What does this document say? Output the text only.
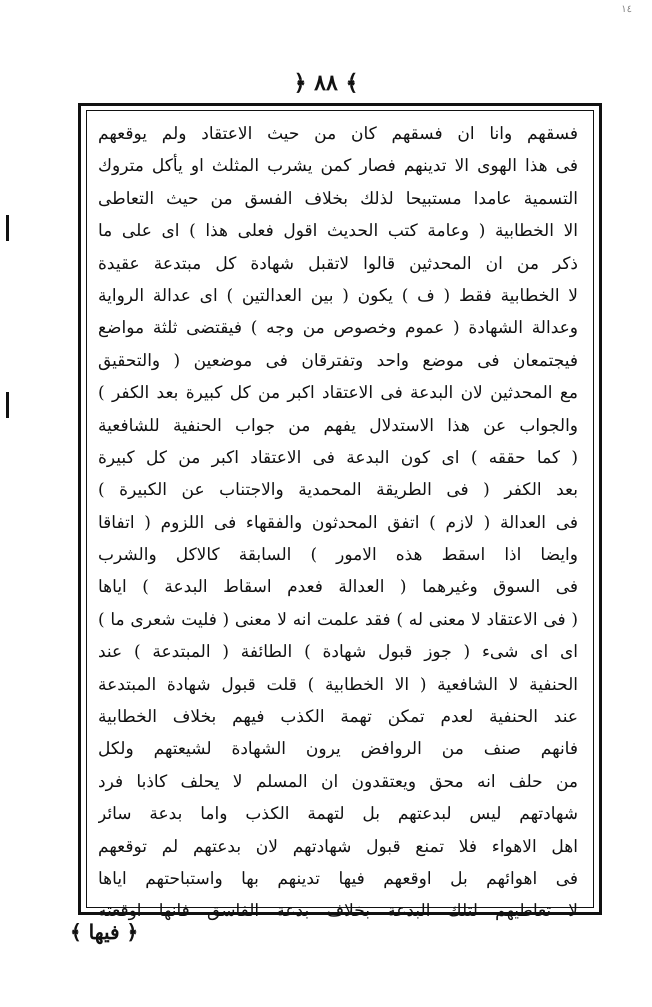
١٤
﴿ ٨٨ ﴾
فسقهم وانا ان فسقهم كان من حيث الاعتقاد ولم يوقعهم
فى هذا الهوى الا تدينهم فصار كمن يشرب المثلث او يأكل متروك
التسمية عامدا مستبيحا لذلك بخلاف الفسق من حيث التعاطى
الا الخطابية ( وعامة كتب الحديث اقول فعلى هذا ) اى على ما
ذكر من ان المحدثين قالوا لاتقبل شهادة كل مبتدعة عقيدة
لا الخطابية فقط ( ف ) يكون ( بين العدالتين ) اى عدالة الرواية
وعدالة الشهادة ( عموم وخصوص من وجه ) فيقتضى ثلثة مواضع
فيجتمعان فى موضع واحد وتفترقان فى موضعين ( والتحقيق
مع المحدثين لان البدعة فى الاعتقاد اكبر من كل كبيرة بعد الكفر )
والجواب عن هذا الاستدلال يفهم من جواب الحنفية للشافعية
( كما حققه ) اى كون البدعة فى الاعتقاد اكبر من كل كبيرة
بعد الكفر ( فى الطريقة المحمدية والاجتناب عن الكبيرة )
فى العدالة ( لازم ) اتفق المحدثون والفقهاء فى اللزوم ( اتفاقا
وايضا اذا اسقط هذه الامور ) السابقة كالاكل والشرب
فى السوق وغيرهما ( العدالة فعدم اسقاط البدعة ) اياها
( فى الاعتقاد لا معنى له ) فقد علمت انه لا معنى ( فليت شعرى ما )
اى اى شىء ( جوز قبول شهادة ) الطائفة ( المبتدعة ) عند
الحنفية لا الشافعية ( الا الخطابية ) قلت قبول شهادة المبتدعة
عند الحنفية لعدم تمكن تهمة الكذب فيهم بخلاف الخطابية
فانهم صنف من الروافض يرون الشهادة لشيعتهم ولكل
من حلف انه محق ويعتقدون ان المسلم لا يحلف كاذبا فرد
شهادتهم ليس لبدعتهم بل لتهمة الكذب واما بدعة سائر
اهل الاهواء فلا تمنع قبول شهادتهم لان بدعتهم لم توقعهم
فى اهوائهم بل اوقعهم فيها تدينهم بها واستباحتهم اياها
لا تعاطيهم لتلك البدعة بخلاف بدعة الفاسق فانها اوقعته
﴿ فيها ﴾
